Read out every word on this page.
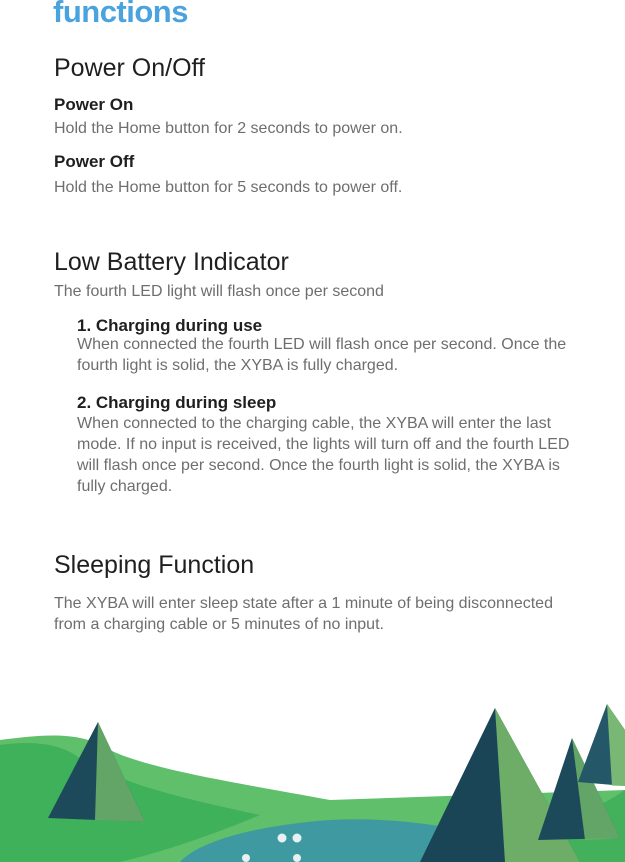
functions
Power On/Off
Power On
Hold the Home button for 2 seconds to power on.
Power Off
Hold the Home button for 5 seconds to power off.
Low Battery Indicator
The fourth LED light will flash once per second
1. Charging during use
When connected the fourth LED will flash once per second. Once the fourth light is solid, the XYBA is fully charged.
2. Charging during sleep
When connected to the charging cable, the XYBA will enter the last mode. If no input is received, the lights will turn off and the fourth LED will flash once per second. Once the fourth light is solid, the XYBA is fully charged.
Sleeping Function
The XYBA will enter sleep state after a 1 minute of being disconnected from a charging cable or 5 minutes of no input.
